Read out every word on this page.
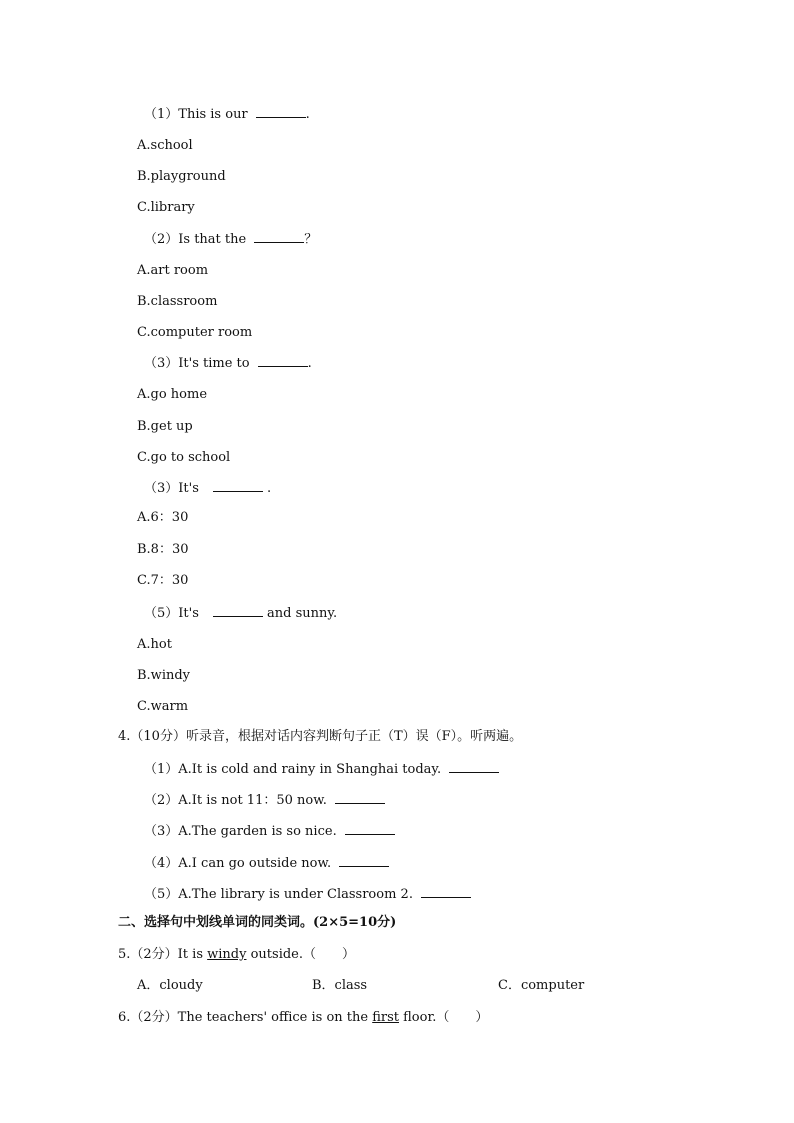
（1）This is our	.
A.school
B.playground
C.library
（2）Is that the	？
A.art room
B.classroom
C.computer room
（3）It's time to	.
A.go home
B.get up
C.go to school
（3）It's	.
A.6：30
B.8：30
C.7：30
（5）It's	and sunny.
A.hot
B.windy
C.warm
4.（10分）听录音，根据对话内容判断句子正（T）误（F）。听两遍。
（1）A.It is cold and rainy in Shanghai today.
（2）A.It is not 11：50 now.
（3）A.The garden is so nice.
（4）A.I can go outside now.
（5）A.The library is under Classroom 2.
二、选择句中划线单词的同类词。(2×5=10分)
5.（2分）It is windy outside.（　　）
A．cloudy	B．class	C．computer
6.（2分）The teachers' office is on the first floor.（　　）
